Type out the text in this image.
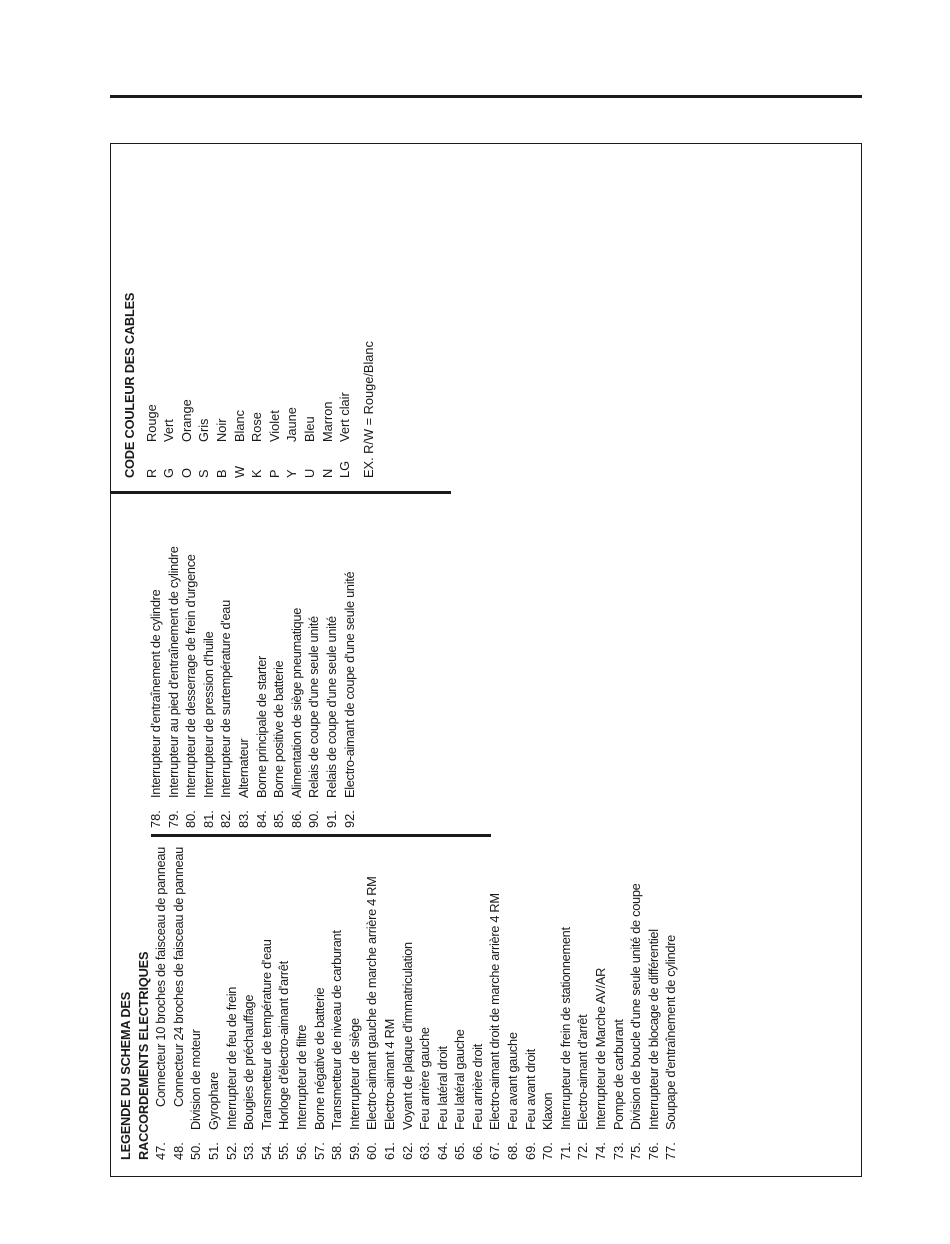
LEGENDE DU SCHEMA DES RACCORDEMENTS ELECTRIQUES 47.
Connecteur 10 broches de faisceau de panneau
48.
Connecteur 24 broches de faisceau de panneau
50.
Division de moteur
51.
Gyrophare
52.
Interrupteur de feu de frein
53.
Bougies de préchauffage
54.
Transmetteur de température d'eau
55.
Horloge d'électro-aimant d'arrêt
56.
Interrupteur de filtre
57.
Borne négative de batterie
58.
Transmetteur de niveau de carburant
59.
Interrupteur de siège
60.
Electro-aimant gauche de marche arrière 4 RM
61.
Electro-aimant 4 RM
62.
Voyant de plaque d'immatriculation
63.
Feu arrière gauche
64.
Feu latéral droit
65.
Feu latéral gauche
66.
Feu arrière droit
67.
Electro-aimant droit de marche arrière 4 RM
68.
Feu avant gauche
69.
Feu avant droit
70.
Klaxon
71.
Interrupteur de frein de stationnement
72.
Electro-aimant d'arrêt
74.
Interrupteur de Marche AV/AR
73.
Pompe de carburant
75.
Division de boucle d'une seule unité de coupe
76.
Interrupteur de blocage de différentiel
77.
Soupape d'entraînement de cylindre
78.
Interrupteur d'entraînement de cylindre
79.
Interrupteur au pied d'entraînement de cylindre
80.
Interrupteur de desserrage de frein d'urgence
81.
Interrupteur de pression d'huile
82.
Interrupteur de surtempérature d'eau
83.
Alternateur
84.
Borne principale de starter
85.
Borne positive de batterie
86.
Alimentation de siège pneumatique
90.
Relais de coupe d'une seule unité
91.
Relais de coupe d'une seule unité
92.
Electro-aimant de coupe d'une seule unité
CODE COULEUR DES CABLES R
Rouge
G
Vert
O
Orange
S
Gris
B
Noir
W
Blanc
K
Rose
P
Violet
Y
Jaune
U
Bleu
N
Marron
LG
Vert clair EX. R/W = Rouge/Blanc
